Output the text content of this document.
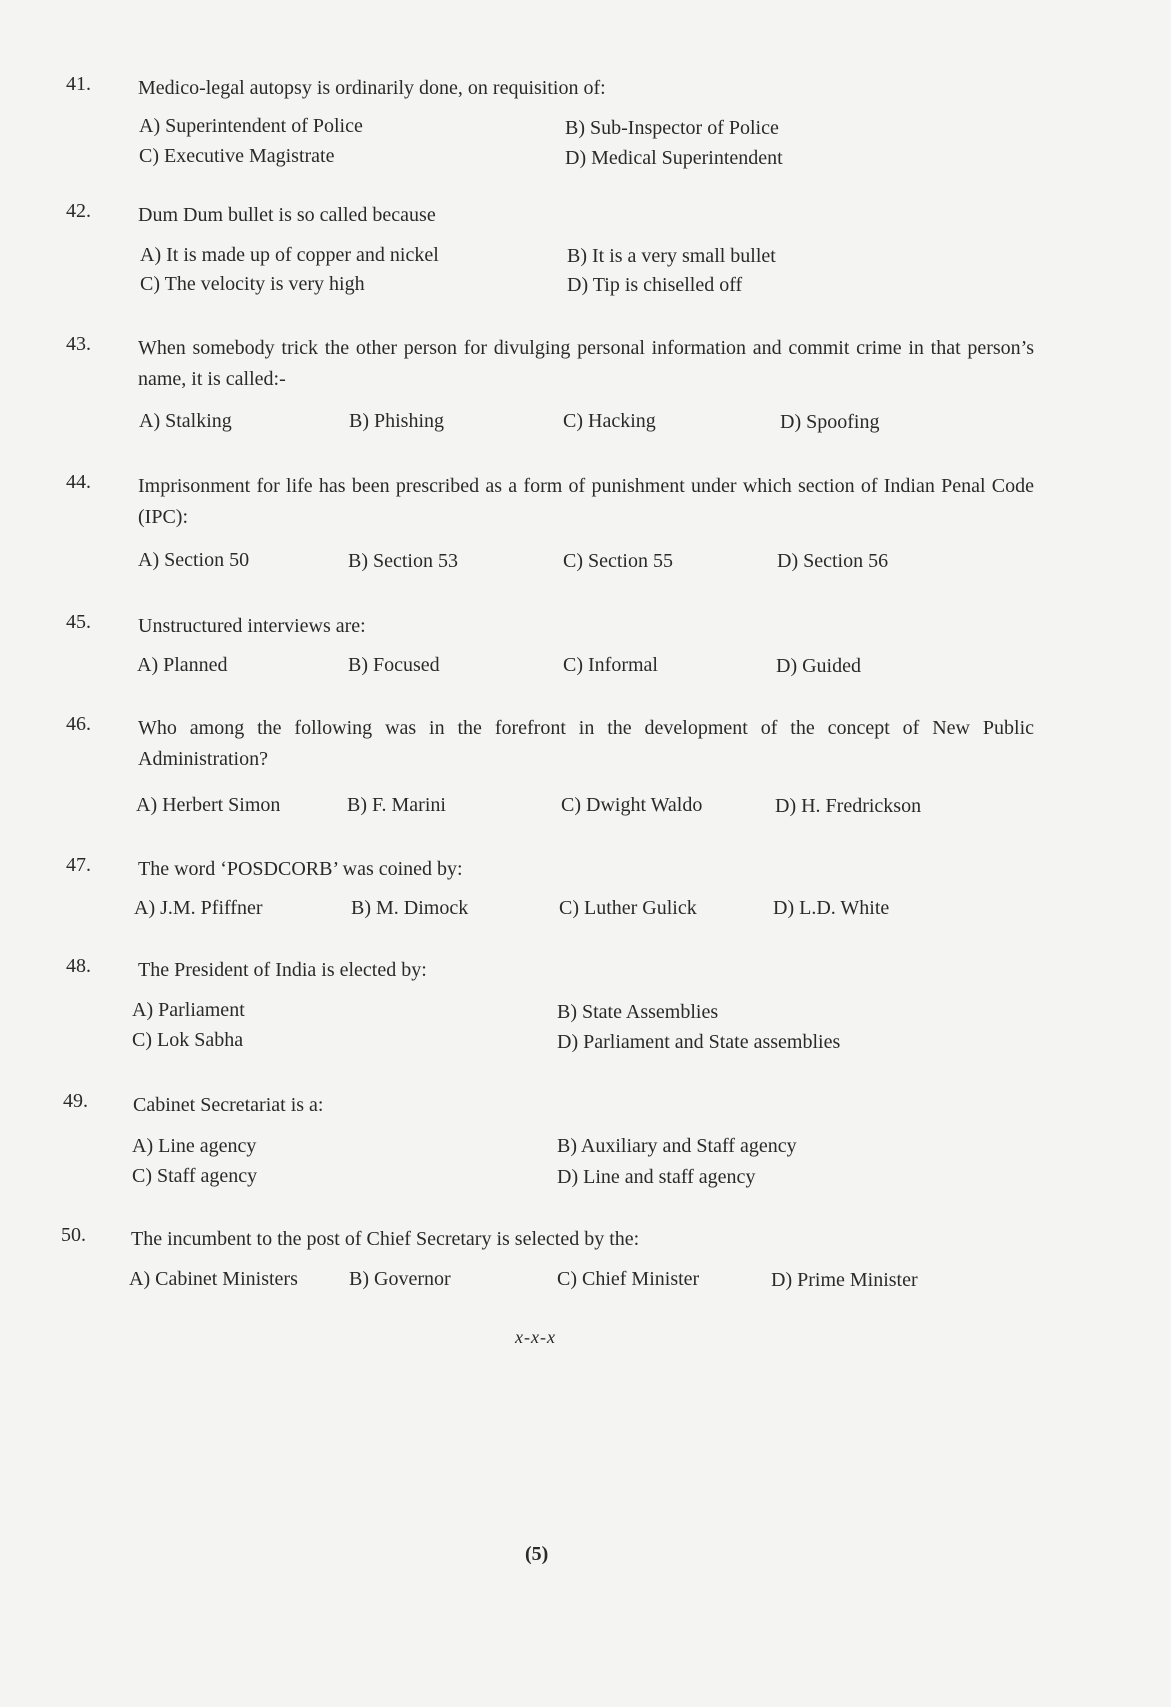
41. Medico-legal autopsy is ordinarily done, on requisition of:
A) Superintendent of Police	B) Sub-Inspector of Police
C) Executive Magistrate	D) Medical Superintendent
42. Dum Dum bullet is so called because
A) It is made up of copper and nickel	B) It is a very small bullet
C) The velocity is very high	D) Tip is chiselled off
43. When somebody trick the other person for divulging personal information and commit crime in that person’s name, it is called:-
A) Stalking	B) Phishing	C) Hacking	D) Spoofing
44. Imprisonment for life has been prescribed as a form of punishment under which section of Indian Penal Code (IPC):
A) Section 50	B) Section 53	C) Section 55	D) Section 56
45. Unstructured interviews are:
A) Planned	B) Focused	C) Informal	D) Guided
46. Who among the following was in the forefront in the development of the concept of New Public Administration?
A) Herbert Simon	B) F. Marini	C) Dwight Waldo	D) H. Fredrickson
47. The word ‘POSDCORB’ was coined by:
A) J.M. Pfiffner	B) M. Dimock	C) Luther Gulick	D) L.D. White
48. The President of India is elected by:
A) Parliament	B) State Assemblies
C) Lok Sabha	D) Parliament and State assemblies
49. Cabinet Secretariat is a:
A) Line agency	B) Auxiliary and Staff agency
C) Staff agency	D) Line and staff agency
50. The incumbent to the post of Chief Secretary is selected by the:
A) Cabinet Ministers	B) Governor	C) Chief Minister	D) Prime Minister
x-x-x
(5)
